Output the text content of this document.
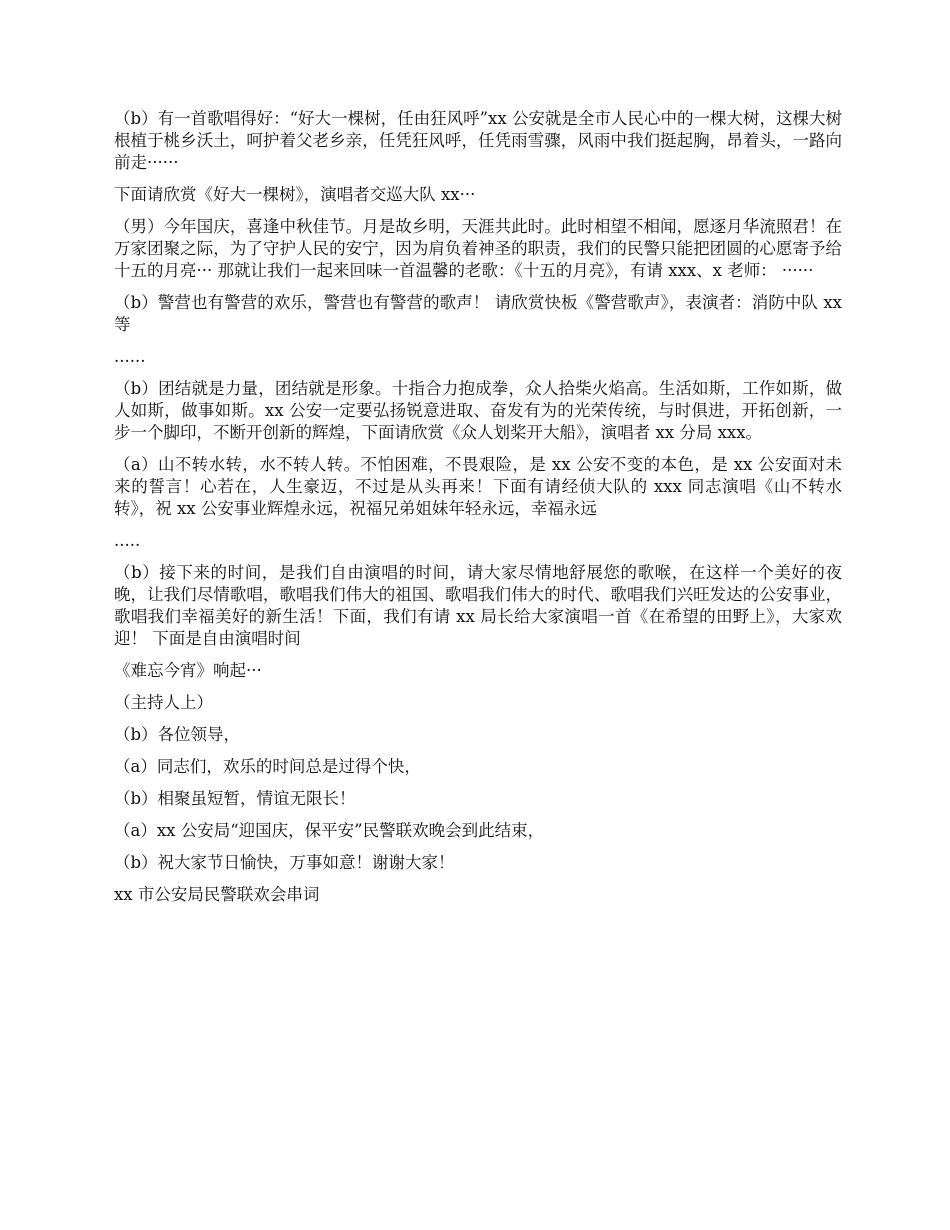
（b）有一首歌唱得好：“好大一棵树，任由狂风呼”xx 公安就是全市人民心中的一棵大树，这棵大树根植于桃乡沃土，呵护着父老乡亲，任凭狂风呼，任凭雨雪骤，风雨中我们挺起胸，昂着头，一路向前走······

下面请欣赏《好大一棵树》，演唱者交巡大队 xx···

（男）今年国庆，喜逢中秋佳节。月是故乡明，天涯共此时。此时相望不相闻，愿逐月华流照君！在万家团聚之际，为了守护人民的安宁，因为肩负着神圣的职责，我们的民警只能把团圆的心愿寄予给十五的月亮··· 那就让我们一起来回味一首温馨的老歌：《十五的月亮》，有请 xxx、x 老师： ······

（b）警营也有警营的欢乐，警营也有警营的歌声！ 请欣赏快板《警营歌声》，表演者：消防中队 xx 等

......

（b）团结就是力量，团结就是形象。十指合力抱成拳，众人拾柴火焰高。生活如斯，工作如斯，做人如斯，做事如斯。xx 公安一定要弘扬锐意进取、奋发有为的光荣传统，与时俱进，开拓创新，一步一个脚印，不断开创新的辉煌，下面请欣赏《众人划桨开大船》，演唱者 xx 分局 xxx。

（a）山不转水转，水不转人转。不怕困难，不畏艰险，是 xx 公安不变的本色，是 xx 公安面对未来的誓言！心若在，人生豪迈，不过是从头再来！下面有请经侦大队的 xxx 同志演唱《山不转水转》，祝 xx 公安事业辉煌永远，祝福兄弟姐妹年轻永远，幸福永远

.....

（b）接下来的时间，是我们自由演唱的时间，请大家尽情地舒展您的歌喉，在这样一个美好的夜晚，让我们尽情歌唱，歌唱我们伟大的祖国、歌唱我们伟大的时代、歌唱我们兴旺发达的公安事业，歌唱我们幸福美好的新生活！下面，我们有请 xx 局长给大家演唱一首《在希望的田野上》，大家欢迎！ 下面是自由演唱时间

《难忘今宵》响起···

（主持人上）

（b）各位领导，

（a）同志们，欢乐的时间总是过得个快，

（b）相聚虽短暂，情谊无限长！

（a）xx 公安局“迎国庆，保平安”民警联欢晚会到此结束，

（b）祝大家节日愉快，万事如意！谢谢大家！

xx 市公安局民警联欢会串词
